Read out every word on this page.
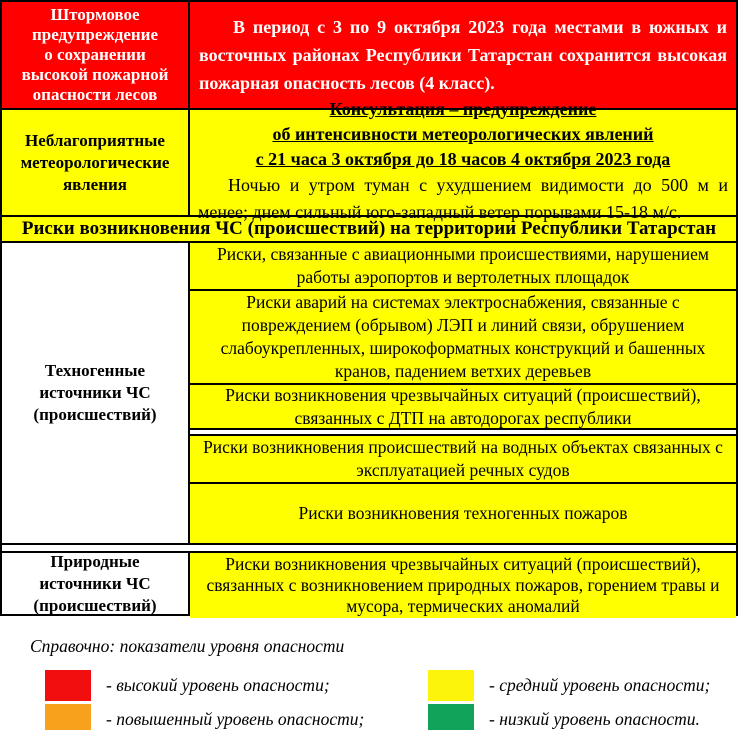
Штормовое
предупреждение
о сохранении
высокой пожарной
опасности лесов

В период с 3 по 9 октября 2023 года местами в южных и восточных районах Республики Татарстан сохранится высокая пожарная опасность лесов (4 класс).

Неблагоприятные
метеорологические
явления
Консультация – предупреждение
об интенсивности метеорологических явлений
с 21 часа 3 октября до 18 часов 4 октября 2023 года

Ночью и утром туман с ухудшением видимости до 500 м и менее; днем сильный юго-западный ветер порывами 15-18 м/с.

Риски возникновения ЧС (происшествий) на территории Республики Татарстан
Техногенные
источники ЧС
(происшествий)
Риски, связанные с авиационными происшествиями, нарушением работы аэропортов и вертолетных площадок
Риски аварий на системах электроснабжения, связанные с повреждением (обрывом) ЛЭП и линий связи, обрушением слабоукрепленных, широкоформатных конструкций и башенных кранов, падением ветхих деревьев
Риски возникновения чрезвычайных ситуаций (происшествий), связанных с ДТП на автодорогах республики
Риски возникновения происшествий на водных объектах связанных с эксплуатацией речных судов
Риски возникновения техногенных пожаров
Природные
источники ЧС
(происшествий)
Риски возникновения чрезвычайных ситуаций (происшествий), связанных с возникновением природных пожаров, горением травы и мусора, термических аномалий
Справочно: показатели уровня опасности
- высокий уровень опасности;
- повышенный уровень опасности;
- средний уровень опасности;
- низкий уровень опасности.
